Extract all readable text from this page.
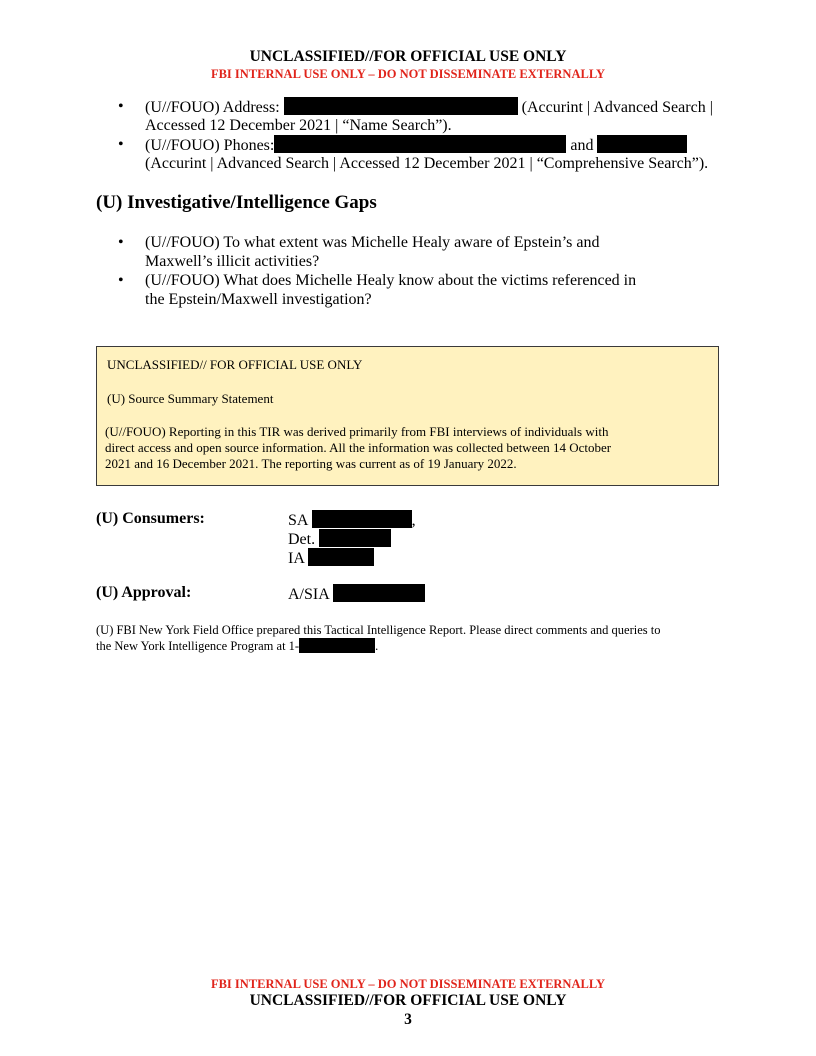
UNCLASSIFIED//FOR OFFICIAL USE ONLY
FBI INTERNAL USE ONLY – DO NOT DISSEMINATE EXTERNALLY
• (U//FOUO) Address:	(Accurint | Advanced Search |
Accessed 12 December 2021 | “Name Search”).
• (U//FOUO) Phones:	and
(Accurint | Advanced Search | Accessed 12 December 2021 | “Comprehensive Search”).
(U) Investigative/Intelligence Gaps
• (U//FOUO) To what extent was Michelle Healy aware of Epstein’s and
Maxwell’s illicit activities?
• (U//FOUO) What does Michelle Healy know about the victims referenced in
the Epstein/Maxwell investigation?
UNCLASSIFIED// FOR OFFICIAL USE ONLY
(U) Source Summary Statement
(U//FOUO) Reporting in this TIR was derived primarily from FBI interviews of individuals with
direct access and open source information. All the information was collected between 14 October
2021 and 16 December 2021. The reporting was current as of 19 January 2022.
(U) Consumers:	SA	,
Det.
IA
(U) Approval:	A/SIA
(U) FBI New York Field Office prepared this Tactical Intelligence Report. Please direct comments and queries to
the New York Intelligence Program at 1-	.
FBI INTERNAL USE ONLY – DO NOT DISSEMINATE EXTERNALLY
UNCLASSIFIED//FOR OFFICIAL USE ONLY
3
